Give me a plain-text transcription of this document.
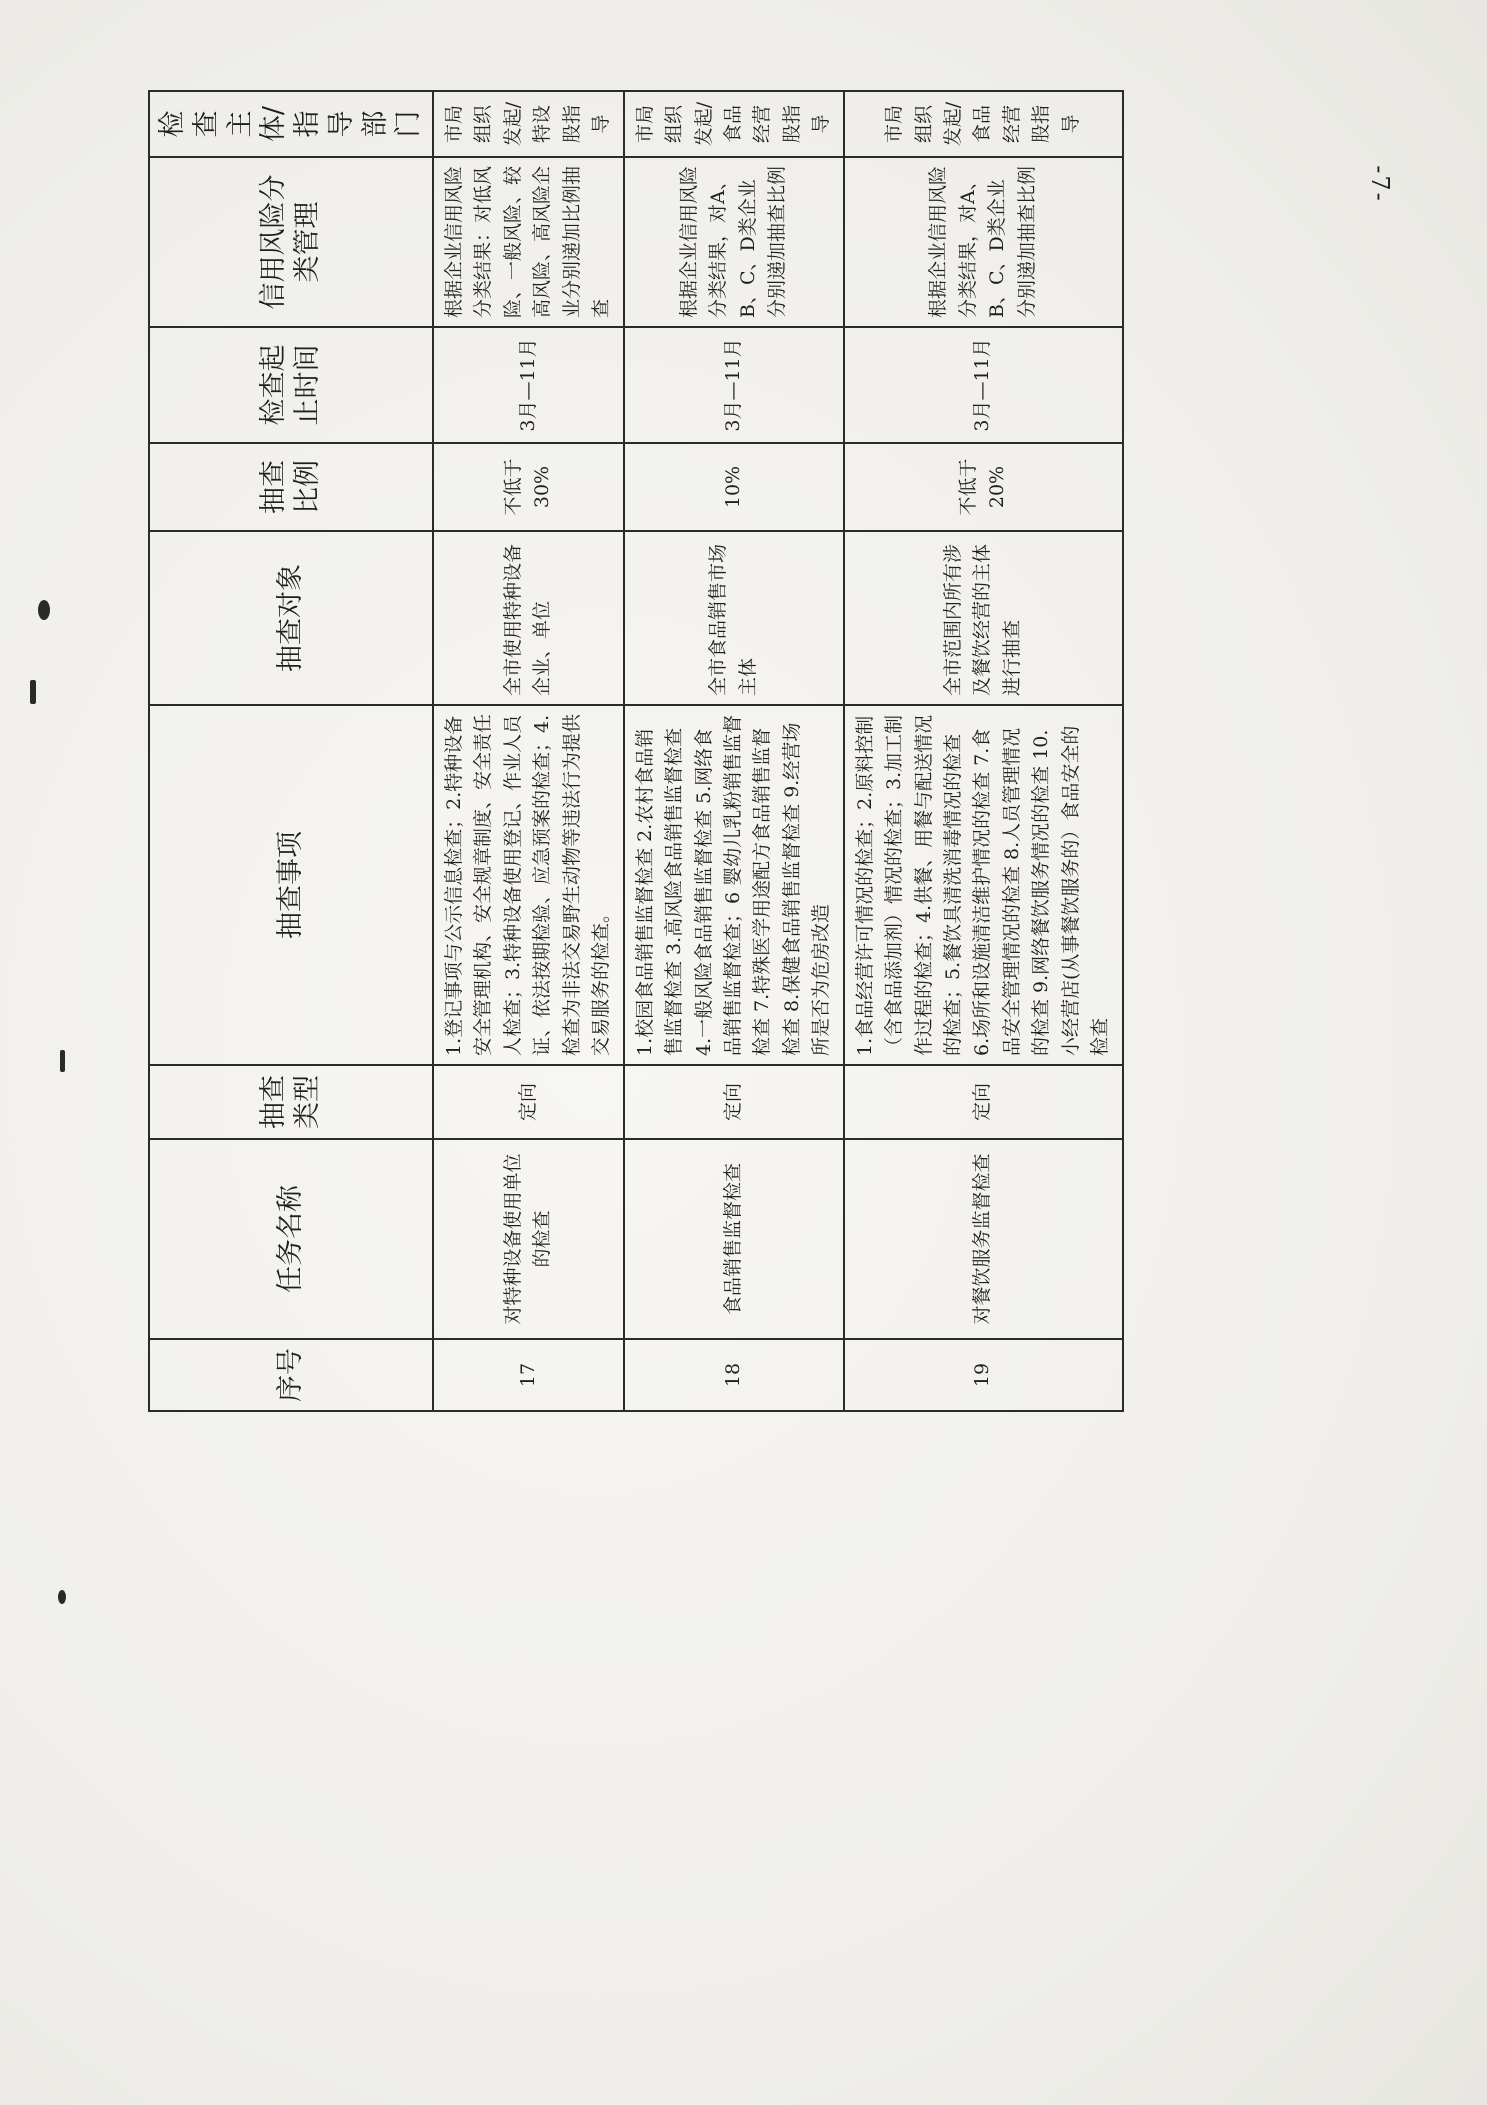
-7-
序号	任务名称	抽查类型	抽查事项	抽查对象	抽查比例	检查起止时间	信用风险分类管理	检查主体/指导部门
17	对特种设备使用单位的检查	定向	1.登记事项与公示信息检查；2.特种设备安全管理机构、安全规章制度、安全责任人检查；3.特种设备使用登记、作业人员证、依法按期检验、应急预案的检查；4.检查为非法交易野生动物等违法行为提供交易服务的检查。	全市使用特种设备企业、单位	不低于30%	3月—11月	根据企业信用风险分类结果：对低风险、一般风险、较高风险、高风险企业分别递加比例抽查	市局组织发起/特设股指导
18	食品销售监督检查	定向	1.校园食品销售监督检查 2.农村食品销售监督检查 3.高风险食品销售监督检查 4.一般风险食品销售监督检查 5.网络食品销售监督检查；6 婴幼儿乳粉销售监督检查 7.特殊医学用途配方食品销售监督检查 8.保健食品销售监督检查 9.经营场所是否为危房改造	全市食品销售市场主体	10%	3月—11月	根据企业信用风险分类结果，对A、B、C、D类企业分别递加抽查比例	市局组织发起/食品经营股指导
19	对餐饮服务监督检查	定向	1.食品经营许可情况的检查；2.原料控制（含食品添加剂）情况的检查；3.加工制作过程的检查；4.供餐、用餐与配送情况的检查；5.餐饮具清洗消毒情况的检查 6.场所和设施清洁维护情况的检查 7.食品安全管理情况的检查 8.人员管理情况的检查 9.网络餐饮服务情况的检查 10.小经营店(从事餐饮服务的）食品安全的检查	全市范围内所有涉及餐饮经营的主体进行抽查	不低于20%	3月—11月	根据企业信用风险分类结果，对A、B、C、D类企业分别递加抽查比例	市局组织发起/食品经营股指导
